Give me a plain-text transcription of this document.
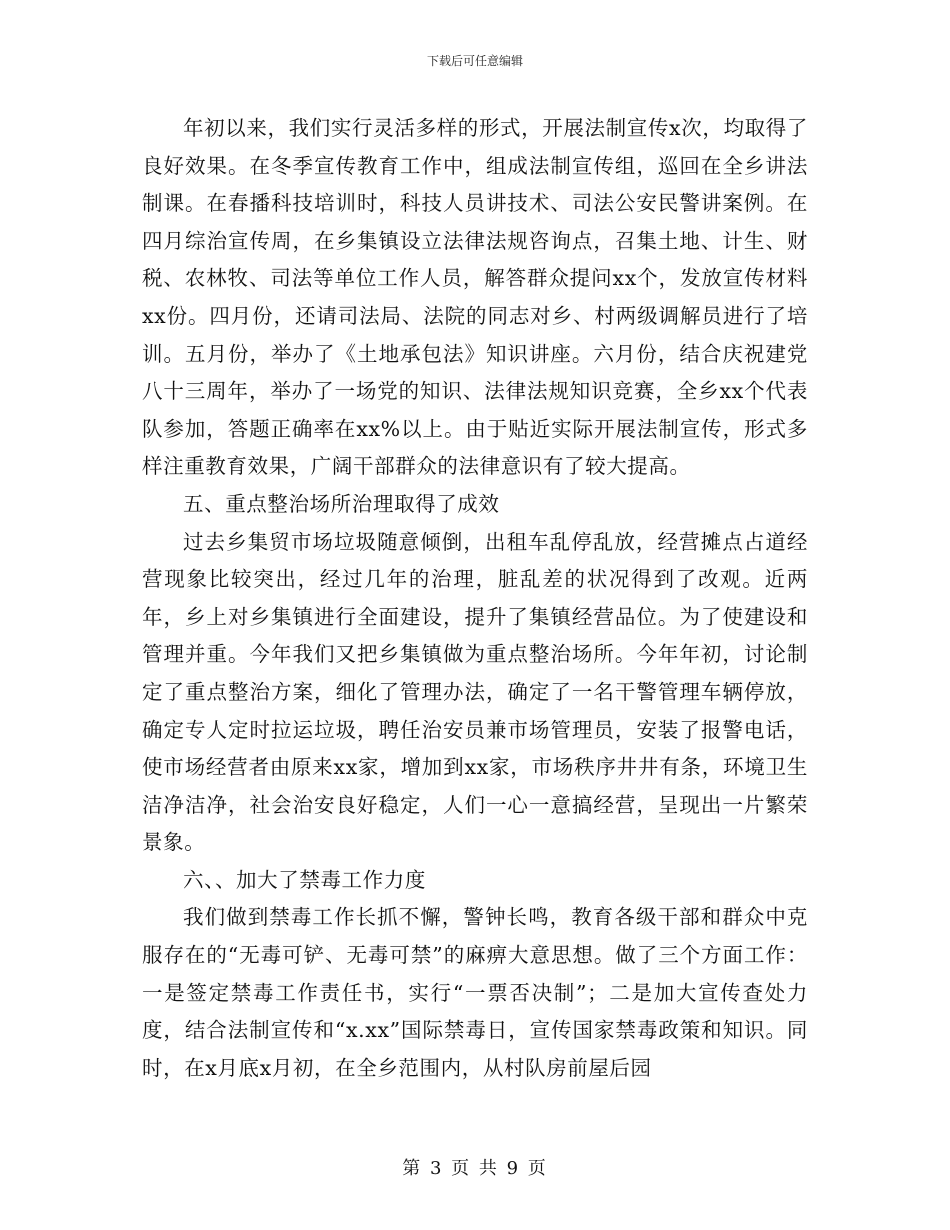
下载后可任意编辑

年初以来，我们实行灵活多样的形式，开展法制宣传x次，均取得了良好效果。在冬季宣传教育工作中，组成法制宣传组，巡回在全乡讲法制课。在春播科技培训时，科技人员讲技术、司法公安民警讲案例。在四月综治宣传周，在乡集镇设立法律法规咨询点，召集土地、计生、财税、农林牧、司法等单位工作人员，解答群众提问xx个，发放宣传材料xx份。四月份，还请司法局、法院的同志对乡、村两级调解员进行了培训。五月份，举办了《土地承包法》知识讲座。六月份，结合庆祝建党八十三周年，举办了一场党的知识、法律法规知识竞赛，全乡xx个代表队参加，答题正确率在xx%以上。由于贴近实际开展法制宣传，形式多样注重教育效果，广阔干部群众的法律意识有了较大提高。

五、重点整治场所治理取得了成效

过去乡集贸市场垃圾随意倾倒，出租车乱停乱放，经营摊点占道经营现象比较突出，经过几年的治理，脏乱差的状况得到了改观。近两年，乡上对乡集镇进行全面建设，提升了集镇经营品位。为了使建设和管理并重。今年我们又把乡集镇做为重点整治场所。今年年初，讨论制定了重点整治方案，细化了管理办法，确定了一名干警管理车辆停放，确定专人定时拉运垃圾，聘任治安员兼市场管理员，安装了报警电话，使市场经营者由原来xx家，增加到xx家，市场秩序井井有条，环境卫生洁净洁净，社会治安良好稳定，人们一心一意搞经营，呈现出一片繁荣景象。

六、、加大了禁毒工作力度

我们做到禁毒工作长抓不懈，警钟长鸣，教育各级干部和群众中克服存在的“无毒可铲、无毒可禁”的麻痹大意思想。做了三个方面工作：一是签定禁毒工作责任书，实行“一票否决制”；二是加大宣传查处力度，结合法制宣传和“x.xx”国际禁毒日，宣传国家禁毒政策和知识。同时，在x月底x月初，在全乡范围内，从村队房前屋后园

第 3 页 共 9 页
